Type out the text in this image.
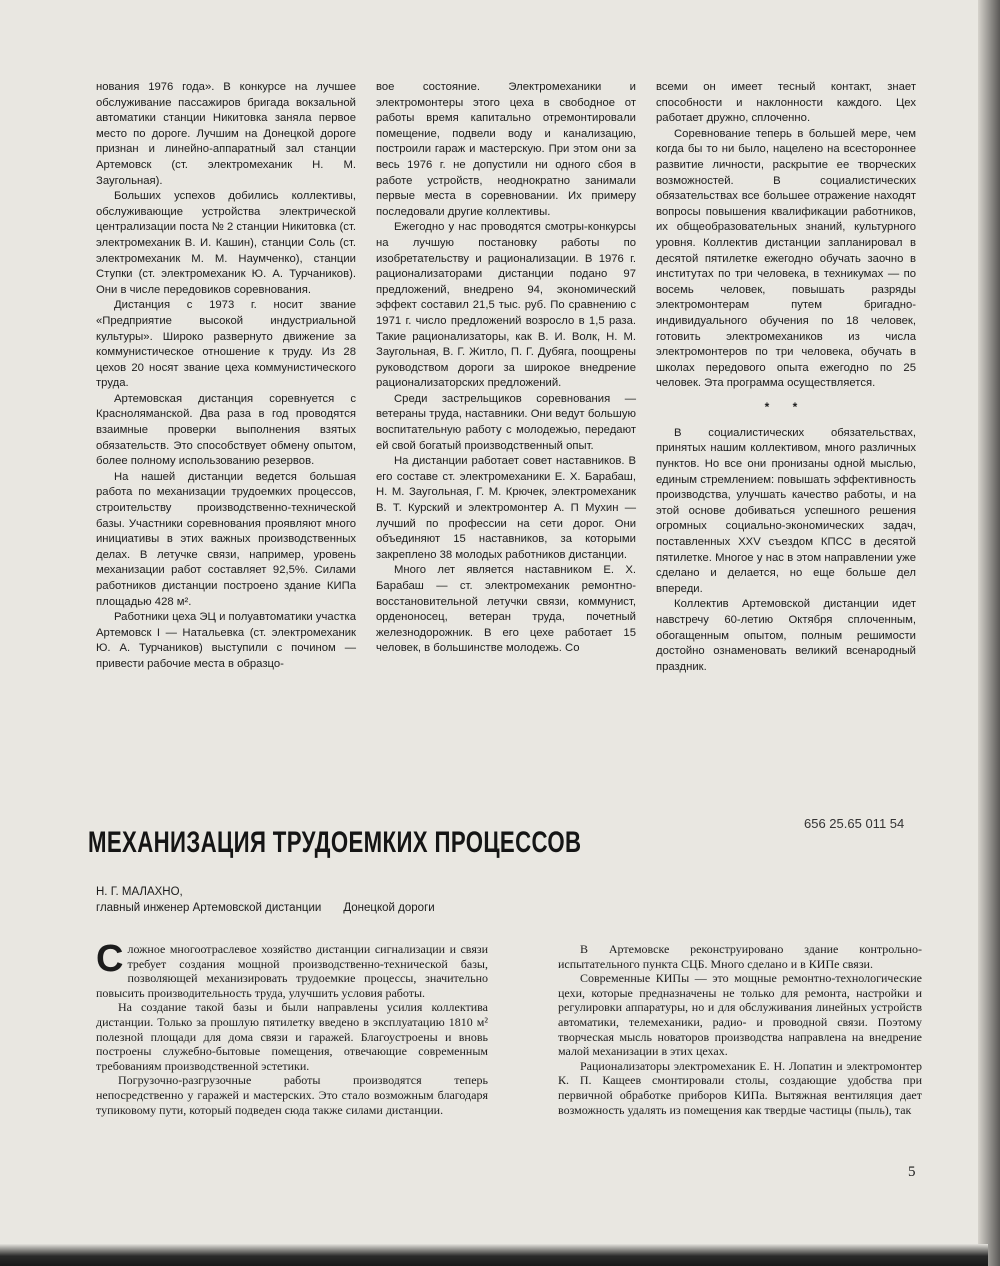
нования 1976 года». В конкурсе на лучшее обслуживание пассажиров бригада вокзальной автоматики станции Никитовка заняла первое место по дороге. Лучшим на Донецкой дороге признан и линейно-аппаратный зал станции Артемовск (ст. электромеханик Н. М. Заугольная).

Больших успехов добились коллективы, обслуживающие устройства электрической централизации поста № 2 станции Никитовка (ст. электромеханик В. И. Кашин), станции Соль (ст. электромеханик М. М. Наумченко), станции Ступки (ст. электромеханик Ю. А. Турчаников). Они в числе передовиков соревнования.

Дистанция с 1973 г. носит звание «Предприятие высокой индустриальной культуры». Широко развернуто движение за коммунистическое отношение к труду. Из 28 цехов 20 носят звание цеха коммунистического труда.

Артемовская дистанция соревнуется с Красноляманской. Два раза в год проводятся взаимные проверки выполнения взятых обязательств. Это способствует обмену опытом, более полному использованию резервов.

На нашей дистанции ведется большая работа по механизации трудоемких процессов, строительству производственно-технической базы. Участники соревнования проявляют много инициативы в этих важных производственных делах. В летучке связи, например, уровень механизации работ составляет 92,5%. Силами работников дистанции построено здание КИПа площадью 428 м².

Работники цеха ЭЦ и полуавтоматики участка Артемовск I — Натальевка (ст. электромеханик Ю. А. Турчаников) выступили с почином — привести рабочие места в образцо-

вое состояние. Электромеханики и электромонтеры этого цеха в свободное от работы время капитально отремонтировали помещение, подвели воду и канализацию, построили гараж и мастерскую. При этом они за весь 1976 г. не допустили ни одного сбоя в работе устройств, неоднократно занимали первые места в соревновании. Их примеру последовали другие коллективы.

Ежегодно у нас проводятся смотры-конкурсы на лучшую постановку работы по изобретательству и рационализации. В 1976 г. рационализаторами дистанции подано 97 предложений, внедрено 94, экономический эффект составил 21,5 тыс. руб. По сравнению с 1971 г. число предложений возросло в 1,5 раза. Такие рационализаторы, как В. И. Волк, Н. М. Заугольная, В. Г. Житло, П. Г. Дубяга, поощрены руководством дороги за широкое внедрение рационализаторских предложений.

Среди застрельщиков соревнования — ветераны труда, наставники. Они ведут большую воспитательную работу с молодежью, передают ей свой богатый производственный опыт.

На дистанции работает совет наставников. В его составе ст. электромеханики Е. Х. Барабаш, Н. М. Заугольная, Г. М. Крючек, электромеханик В. Т. Курский и электромонтер А. П Мухин — лучший по профессии на сети дорог. Они объединяют 15 наставников, за которыми закреплено 38 молодых работников дистанции.

Много лет является наставником Е. Х. Барабаш — ст. электромеханик ремонтно-восстановительной летучки связи, коммунист, орденоносец, ветеран труда, почетный железнодорожник. В его цехе работает 15 человек, в большинстве молодежь. Со

всеми он имеет тесный контакт, знает способности и наклонности каждого. Цех работает дружно, сплоченно.

Соревнование теперь в большей мере, чем когда бы то ни было, нацелено на всестороннее развитие личности, раскрытие ее творческих возможностей. В социалистических обязательствах все большее отражение находят вопросы повышения квалификации работников, их общеобразовательных знаний, культурного уровня. Коллектив дистанции запланировал в десятой пятилетке ежегодно обучать заочно в институтах по три человека, в техникумах — по восемь человек, повышать разряды электромонтерам путем бригадно-индивидуального обучения по 18 человек, готовить электромехаников из числа электромонтеров по три человека, обучать в школах передового опыта ежегодно по 25 человек. Эта программа осуществляется.

* *

В социалистических обязательствах, принятых нашим коллективом, много различных пунктов. Но все они пронизаны одной мыслью, единым стремлением: повышать эффективность производства, улучшать качество работы, и на этой основе добиваться успешного решения огромных социально-экономических задач, поставленных XXV съездом КПСС в десятой пятилетке. Многое у нас в этом направлении уже сделано и делается, но еще больше дел впереди.

Коллектив Артемовской дистанции идет навстречу 60-летию Октября сплоченным, обогащенным опытом, полным решимости достойно ознаменовать великий всенародный праздник.

656 25.65 011 54
МЕХАНИЗАЦИЯ ТРУДОЕМКИХ ПРОЦЕССОВ
Н. Г. МАЛАХНО,
главный инженер Артемовской дистанции Донецкой дороги

Сложное многоотраслевое хозяйство дистанции сигнализации и связи требует создания мощной производственно-технической базы, позволяющей механизировать трудоемкие процессы, значительно повысить производительность труда, улучшить условия работы.

На создание такой базы и были направлены усилия коллектива дистанции. Только за прошлую пятилетку введено в эксплуатацию 1810 м² полезной площади для дома связи и гаражей. Благоустроены и вновь построены служебно-бытовые помещения, отвечающие современным требованиям производственной эстетики.

Погрузочно-разгрузочные работы производятся теперь непосредственно у гаражей и мастерских. Это стало возможным благодаря тупиковому пути, который подведен сюда также силами дистанции.

В Артемовске реконструировано здание контрольно-испытательного пункта СЦБ. Много сделано и в КИПе связи.

Современные КИПы — это мощные ремонтно-технологические цехи, которые предназначены не только для ремонта, настройки и регулировки аппаратуры, но и для обслуживания линейных устройств автоматики, телемеханики, радио- и проводной связи. Поэтому творческая мысль новаторов производства направлена на внедрение малой механизации в этих цехах.

Рационализаторы электромеханик Е. Н. Лопатин и электромонтер К. П. Кащеев смонтировали столы, создающие удобства при первичной обработке приборов КИПа. Вытяжная вентиляция дает возможность удалять из помещения как твердые частицы (пыль), так

5
